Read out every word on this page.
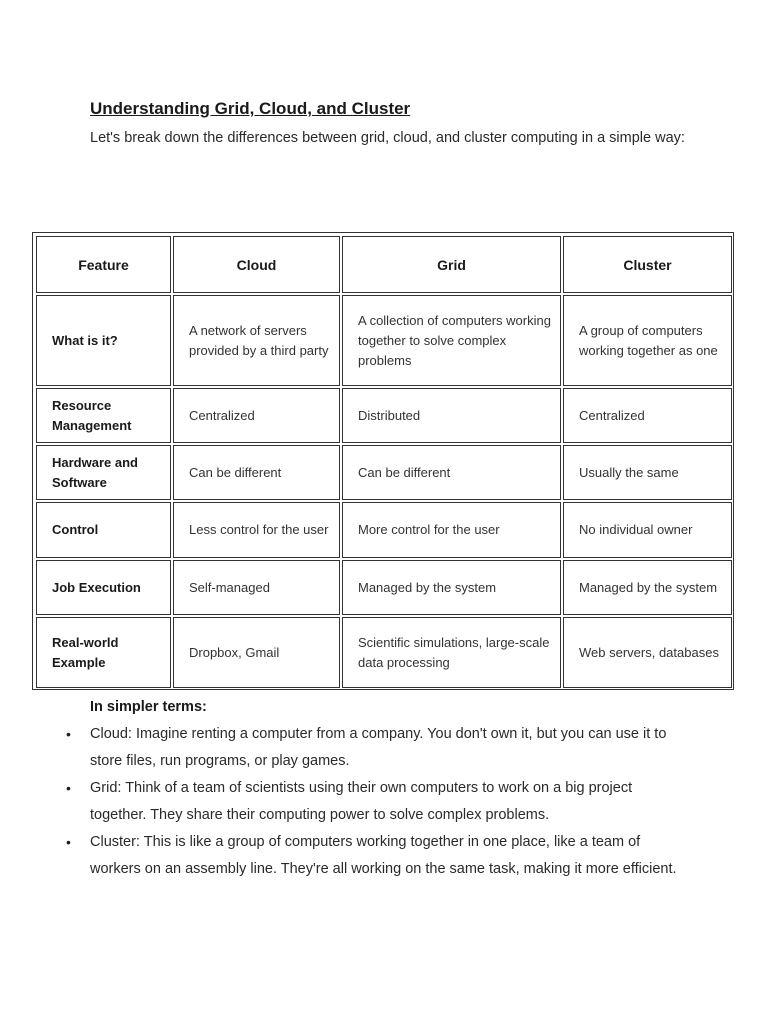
Understanding Grid, Cloud, and Cluster
Let's break down the differences between grid, cloud, and cluster computing in a simple way:
Feature	Cloud	Grid	Cluster
What is it?	A network of servers provided by a third party	A collection of computers working together to solve complex problems	A group of computers working together as one
Resource Management	Centralized	Distributed	Centralized
Hardware and Software	Can be different	Can be different	Usually the same
Control	Less control for the user	More control for the user	No individual owner
Job Execution	Self-managed	Managed by the system	Managed by the system
Real-world Example	Dropbox, Gmail	Scientific simulations, large-scale data processing	Web servers, databases
In simpler terms:
• Cloud: Imagine renting a computer from a company. You don't own it, but you can use it to store files, run programs, or play games.
• Grid: Think of a team of scientists using their own computers to work on a big project together. They share their computing power to solve complex problems.
• Cluster: This is like a group of computers working together in one place, like a team of workers on an assembly line. They're all working on the same task, making it more efficient.
